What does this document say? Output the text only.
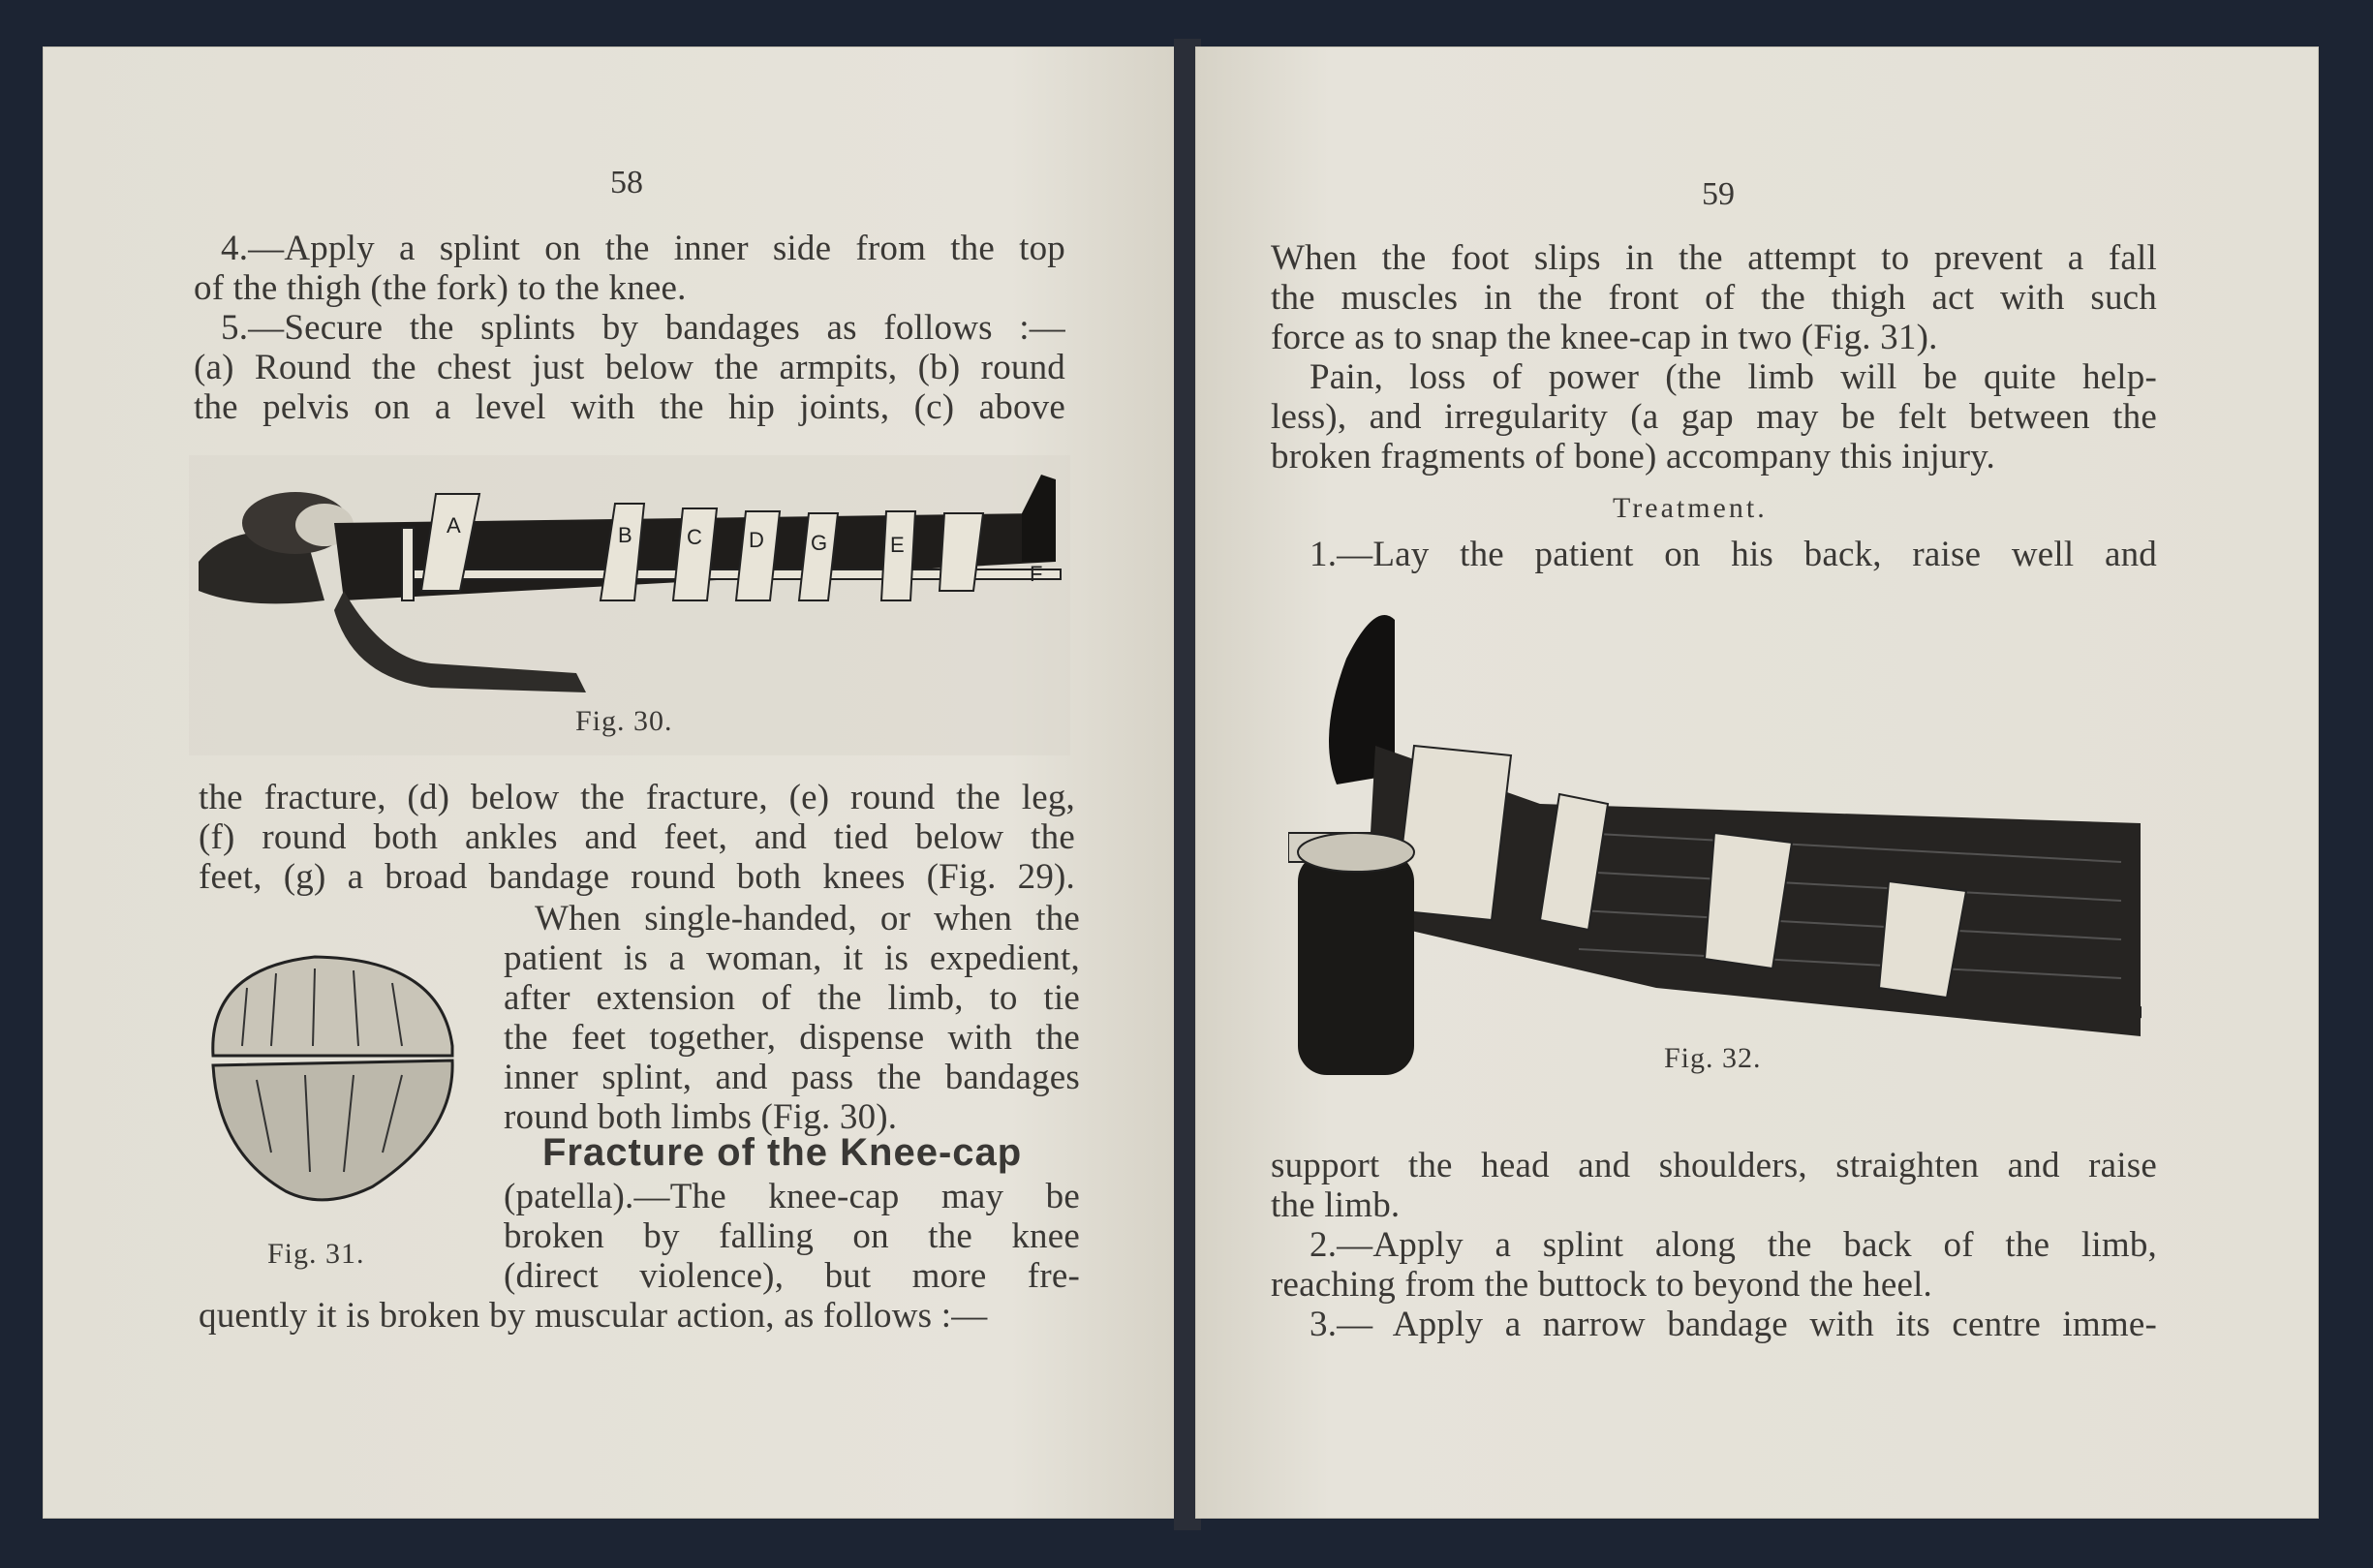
58
4.—Apply a splint on the inner side from the top
of the thigh (the fork) to the knee.
5.—Secure the splints by bandages as follows :—
(a) Round the chest just below the armpits, (b) round
the pelvis on a level with the hip joints, (c) above
A	B	C D G	E
F
Fig. 30.
the fracture, (d) below the fracture, (e) round the leg,
(f) round both ankles and feet, and tied below the
feet, (g) a broad bandage round both knees (Fig. 29).
Fig. 31.
When single-handed, or when the
patient is a woman, it is expedient,
after extension of the limb, to tie
the feet together, dispense with the
inner splint, and pass the bandages
round both limbs (Fig. 30).
Fracture of the Knee-cap
(patella).—The knee-cap may be
broken by falling on the knee
(direct violence), but more fre-
quently it is broken by muscular action, as follows :—
59
When the foot slips in the attempt to prevent a fall
the muscles in the front of the thigh act with such
force as to snap the knee-cap in two (Fig. 31).
Pain, loss of power (the limb will be quite help-
less), and irregularity (a gap may be felt between the
broken fragments of bone) accompany this injury.
Treatment.
1.—Lay the patient on his back, raise well and
Fig. 32.
support the head and shoulders, straighten and raise
the limb.
2.—Apply a splint along the back of the limb,
reaching from the buttock to beyond the heel.
3.— Apply a narrow bandage with its centre imme-
